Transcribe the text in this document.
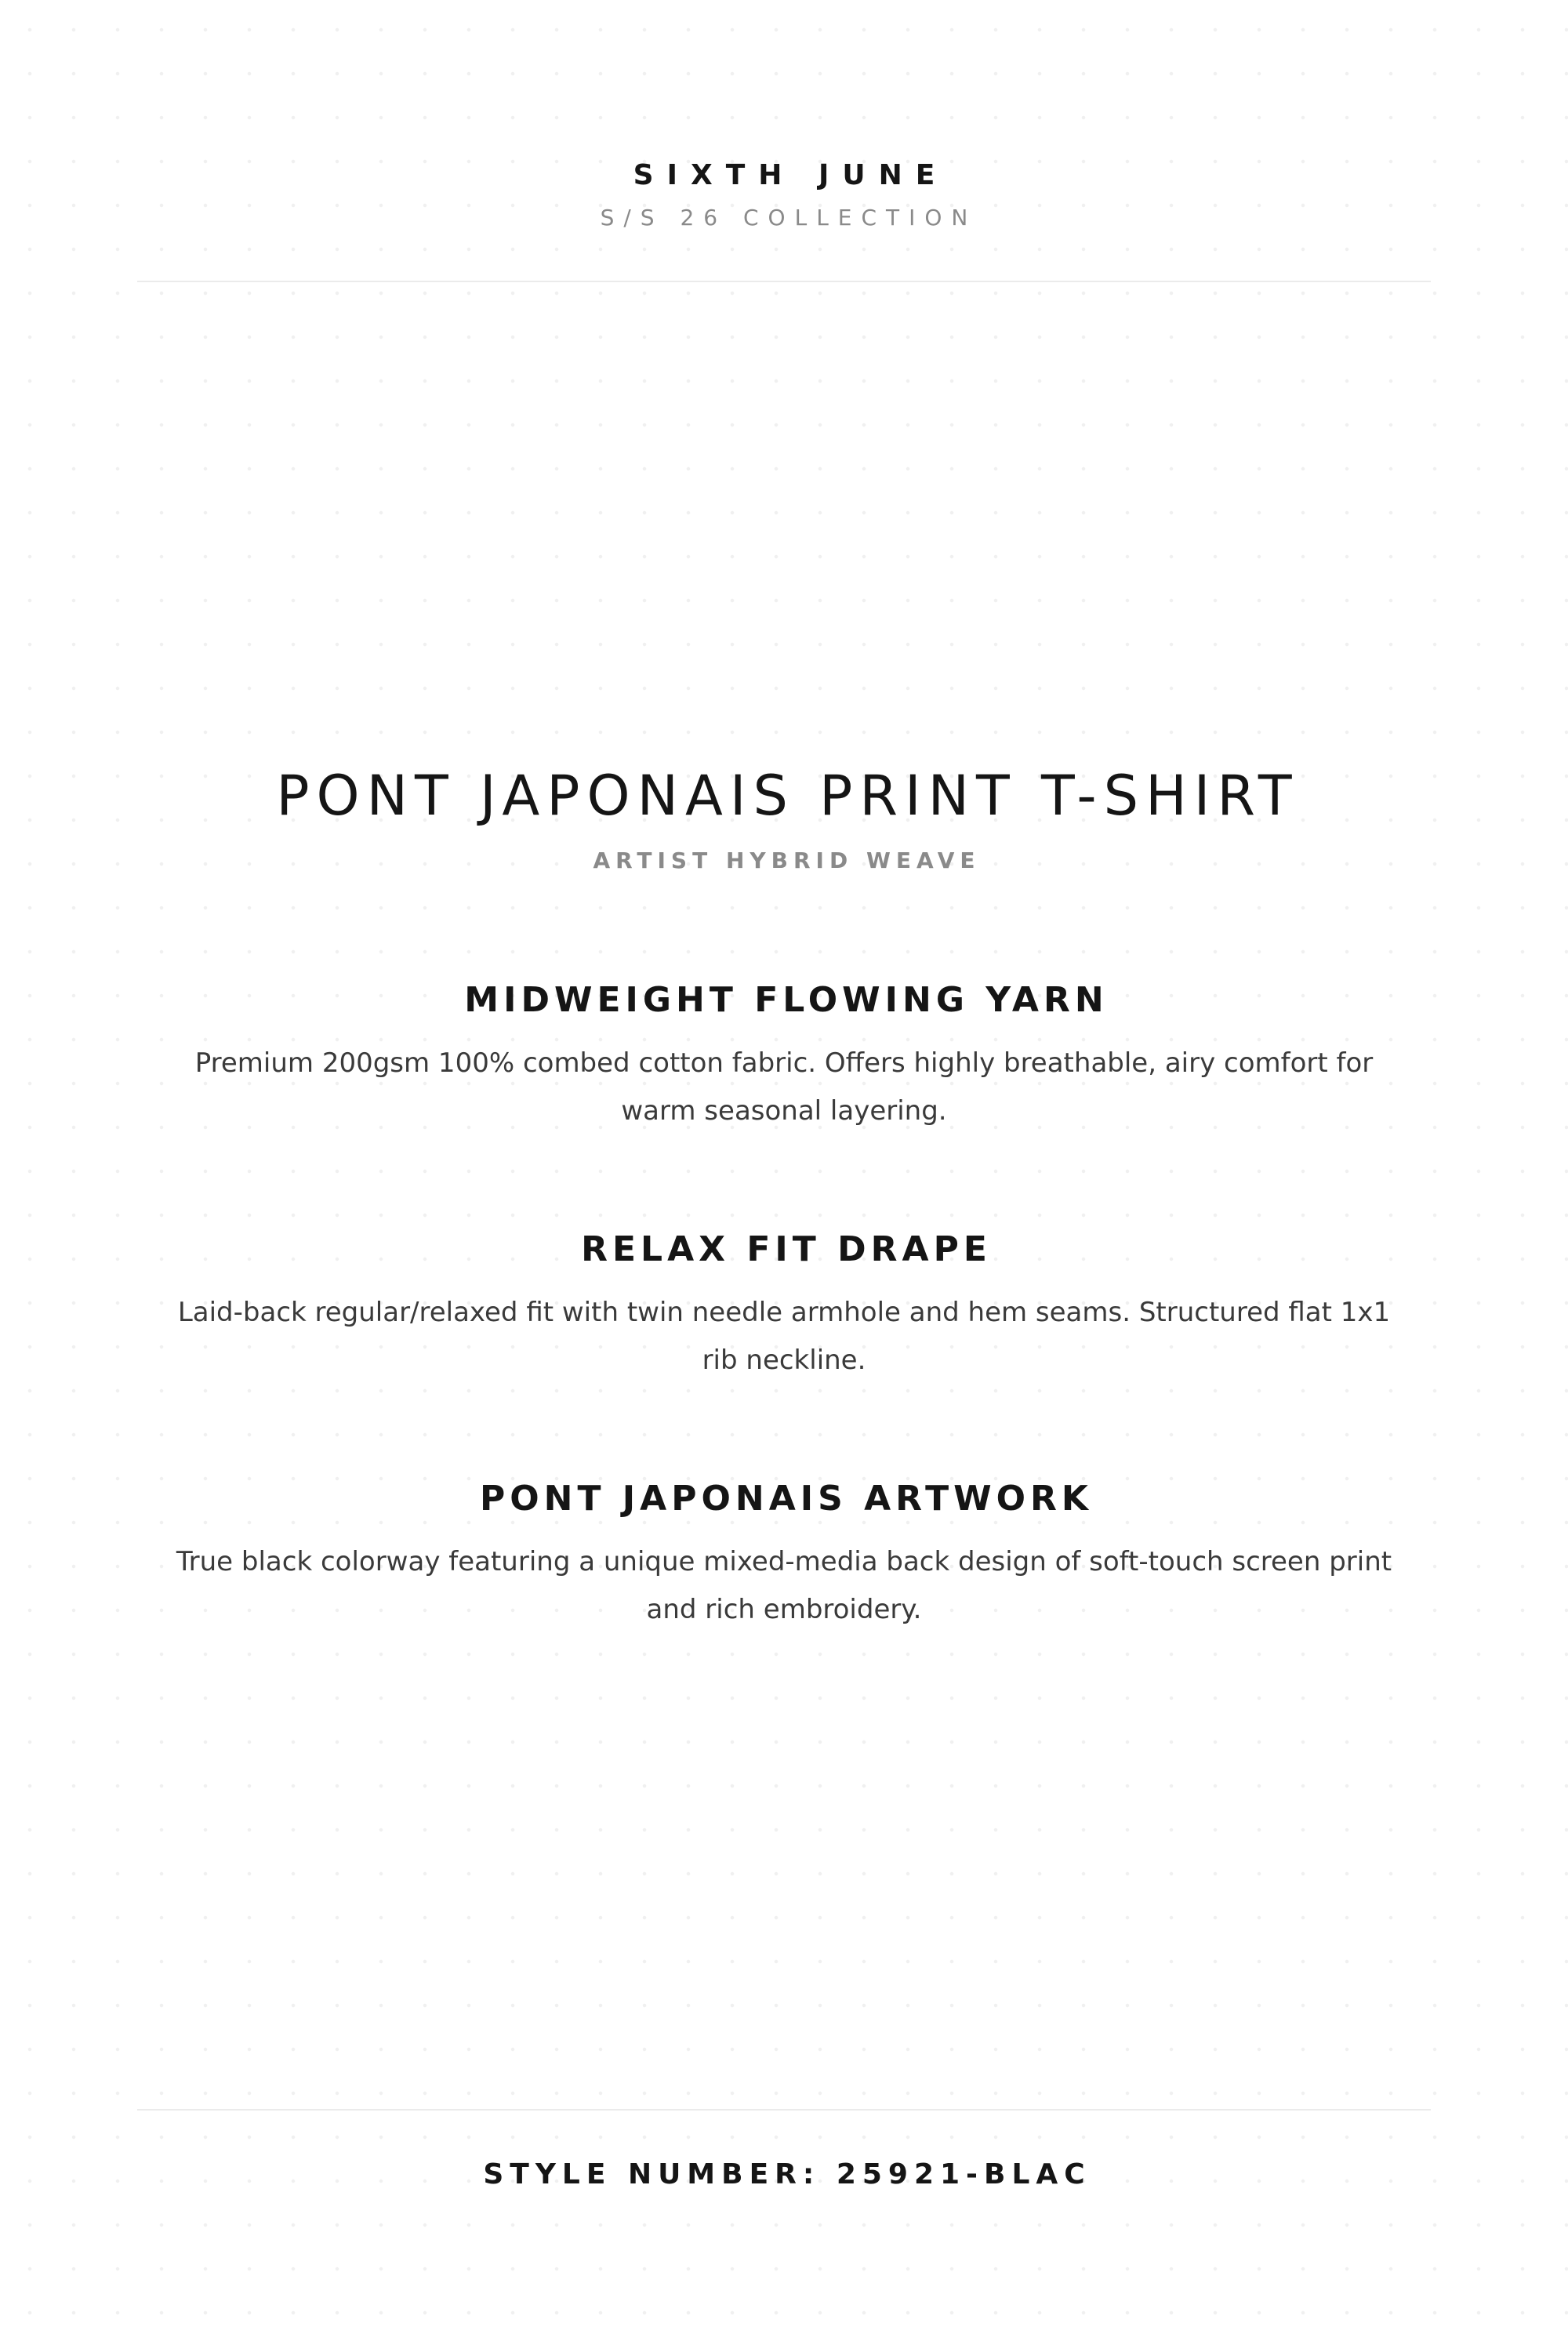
SIXTH JUNE
S/S 26 COLLECTION
PONT JAPONAIS PRINT T-SHIRT
ARTIST HYBRID WEAVE
MIDWEIGHT FLOWING YARN
Premium 200gsm 100% combed cotton fabric. Offers highly breathable, airy comfort for warm seasonal layering.
RELAX FIT DRAPE
Laid-back regular/relaxed fit with twin needle armhole and hem seams. Structured flat 1x1 rib neckline.
PONT JAPONAIS ARTWORK
True black colorway featuring a unique mixed-media back design of soft-touch screen print and rich embroidery.
STYLE NUMBER: 25921-BLAC
